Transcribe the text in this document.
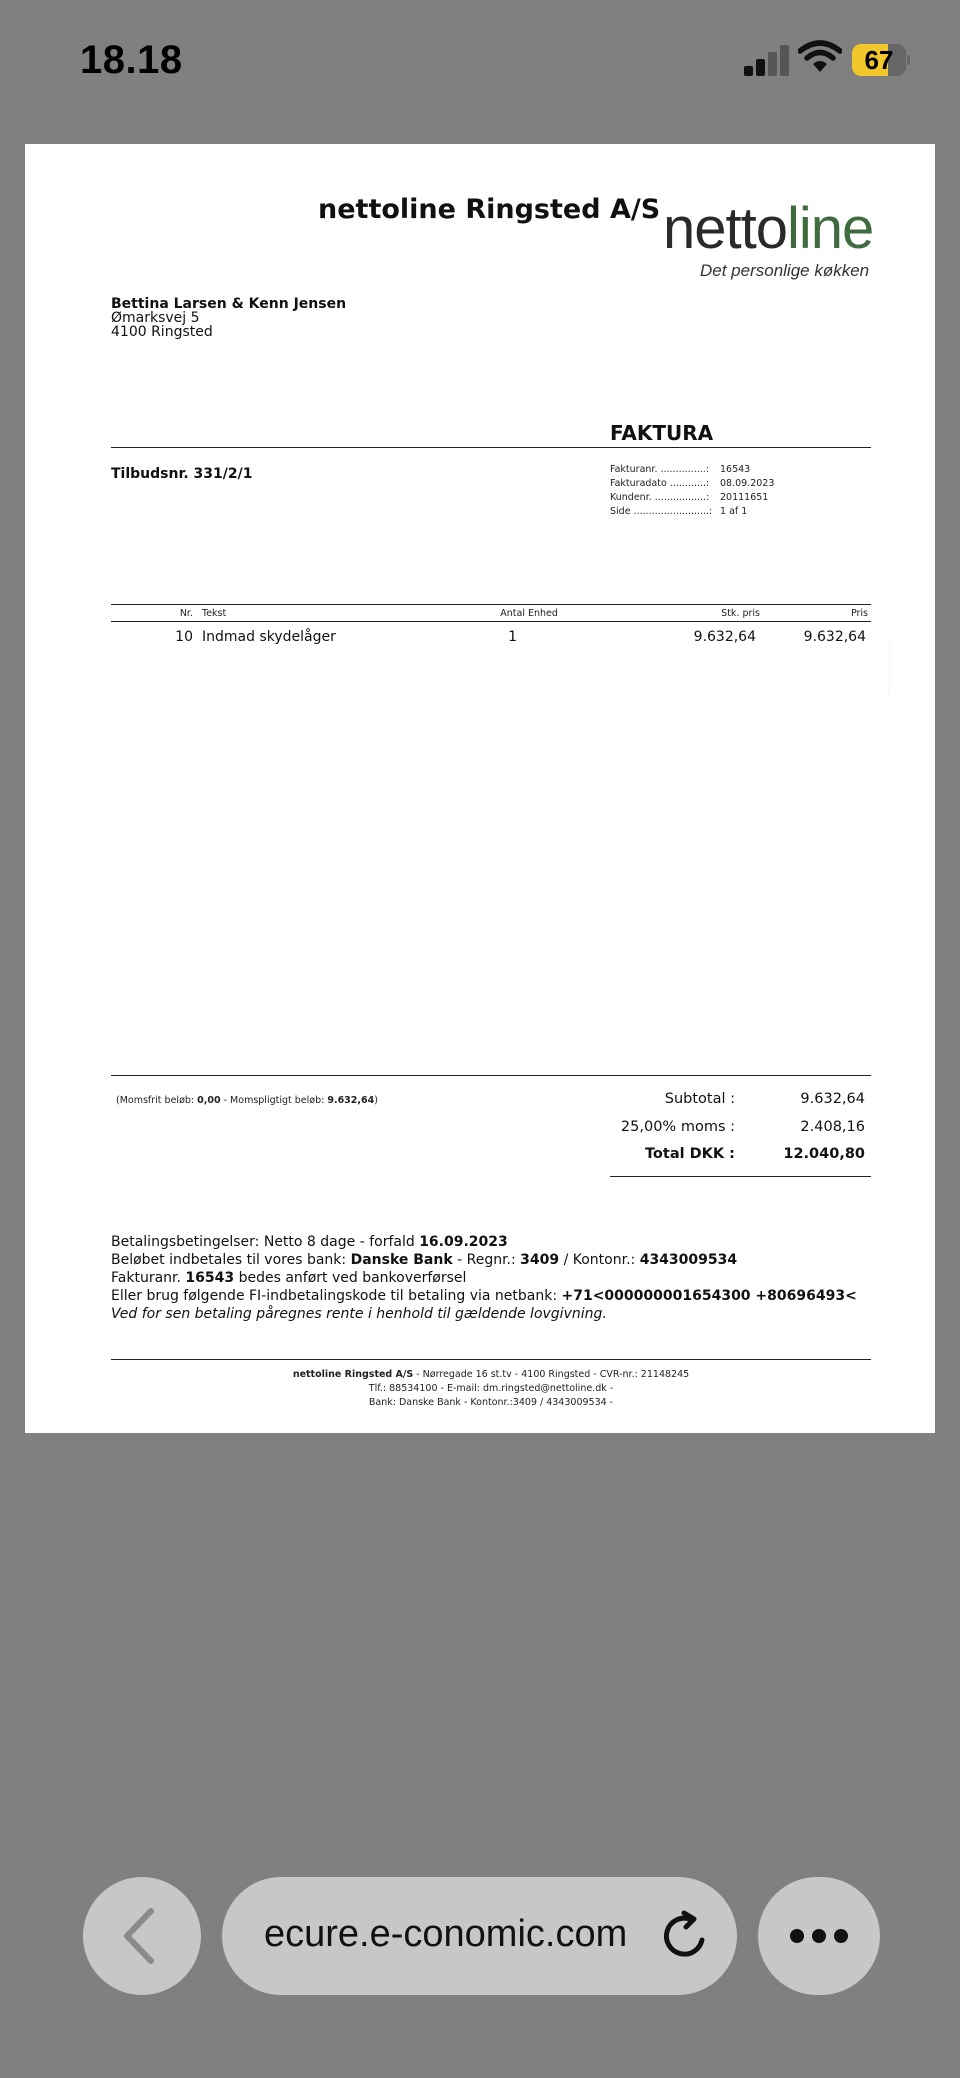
18.18	67
nettoline Ringsted A/S nettoline
Det personlige køkken
Bettina Larsen & Kenn Jensen
Ømarksvej 5
4100 Ringsted
FAKTURA
Tilbudsnr. 331/2/1	Fakturanr. ...............: 16543
Fakturadato ............: 08.09.2023
Kundenr. .................: 20111651
Side .........................: 1 af 1
Nr. Tekst	Antal Enhed	Stk. pris	Pris
10 Indmad skydelåger	1	9.632,64	9.632,64
· · · · · · · · · · · · · · · · ·
(Momsfrit beløb: 0,00 - Momspligtigt beløb: 9.632,64)	Subtotal :	9.632,64
25,00% moms :	2.408,16
Total DKK :	12.040,80
Betalingsbetingelser: Netto 8 dage - forfald 16.09.2023
Beløbet indbetales til vores bank: Danske Bank - Regnr.: 3409 / Kontonr.: 4343009534
Fakturanr. 16543 bedes anført ved bankoverførsel
Eller brug følgende FI-indbetalingskode til betaling via netbank: +71<000000001654300 +80696493<
Ved for sen betaling påregnes rente i henhold til gældende lovgivning.
nettoline Ringsted A/S - Nørregade 16 st.tv - 4100 Ringsted - CVR-nr.: 21148245
Tlf.: 88534100 - E-mail: dm.ringsted@nettoline.dk -
Bank: Danske Bank - Kontonr.:3409 / 4343009534 -
ecure.e-conomic.com
